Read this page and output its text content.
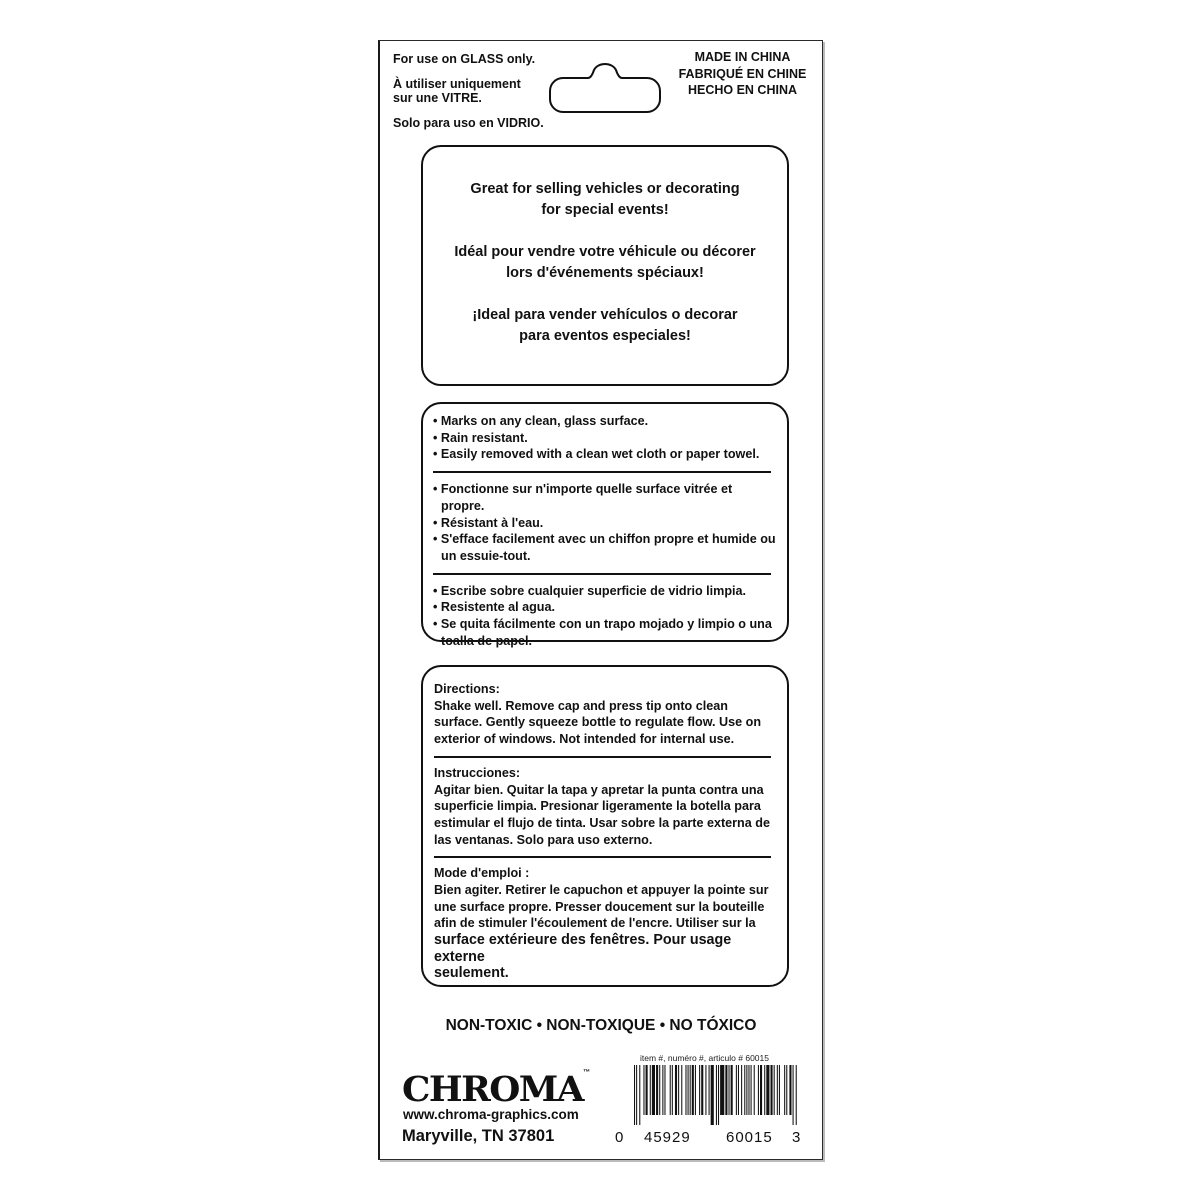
For use on GLASS only.
À utiliser uniquement
sur une VITRE.
Solo para uso en VIDRIO.
MADE IN CHINA
FABRIQUÉ EN CHINE
HECHO EN CHINA
Great for selling vehicles or decorating for special events!
Idéal pour vendre votre véhicule ou décorer lors d'événements spéciaux!
¡Ideal para vender vehículos o decorar para eventos especiales!
• Marks on any clean, glass surface.
• Rain resistant.
• Easily removed with a clean wet cloth or paper towel.
• Fonctionne sur n'importe quelle surface vitrée et propre.
• Résistant à l'eau.
• S'efface facilement avec un chiffon propre et humide ou un essuie-tout.
• Escribe sobre cualquier superficie de vidrio limpia.
• Resistente al agua.
• Se quita fácilmente con un trapo mojado y limpio o una toalla de papel.
Directions:
Shake well. Remove cap and press tip onto clean surface. Gently squeeze bottle to regulate flow. Use on exterior of windows. Not intended for internal use.
Instrucciones:
Agitar bien. Quitar la tapa y apretar la punta contra una superficie limpia. Presionar ligeramente la botella para estimular el flujo de tinta. Usar sobre la parte externa de las ventanas. Solo para uso externo.
Mode d'emploi :
Bien agiter. Retirer le capuchon et appuyer la pointe sur une surface propre. Presser doucement sur la bouteille afin de stimuler l'écoulement de l'encre. Utiliser sur la
surface extérieure des fenêtres. Pour usage externe
seulement.
NON-TOXIC • NON-TOXIQUE • NO TÓXICO
CHROMA™
www.chroma-graphics.com
Maryville, TN 37801
item #, numéro #, articulo # 60015
0 45929 60015 3
